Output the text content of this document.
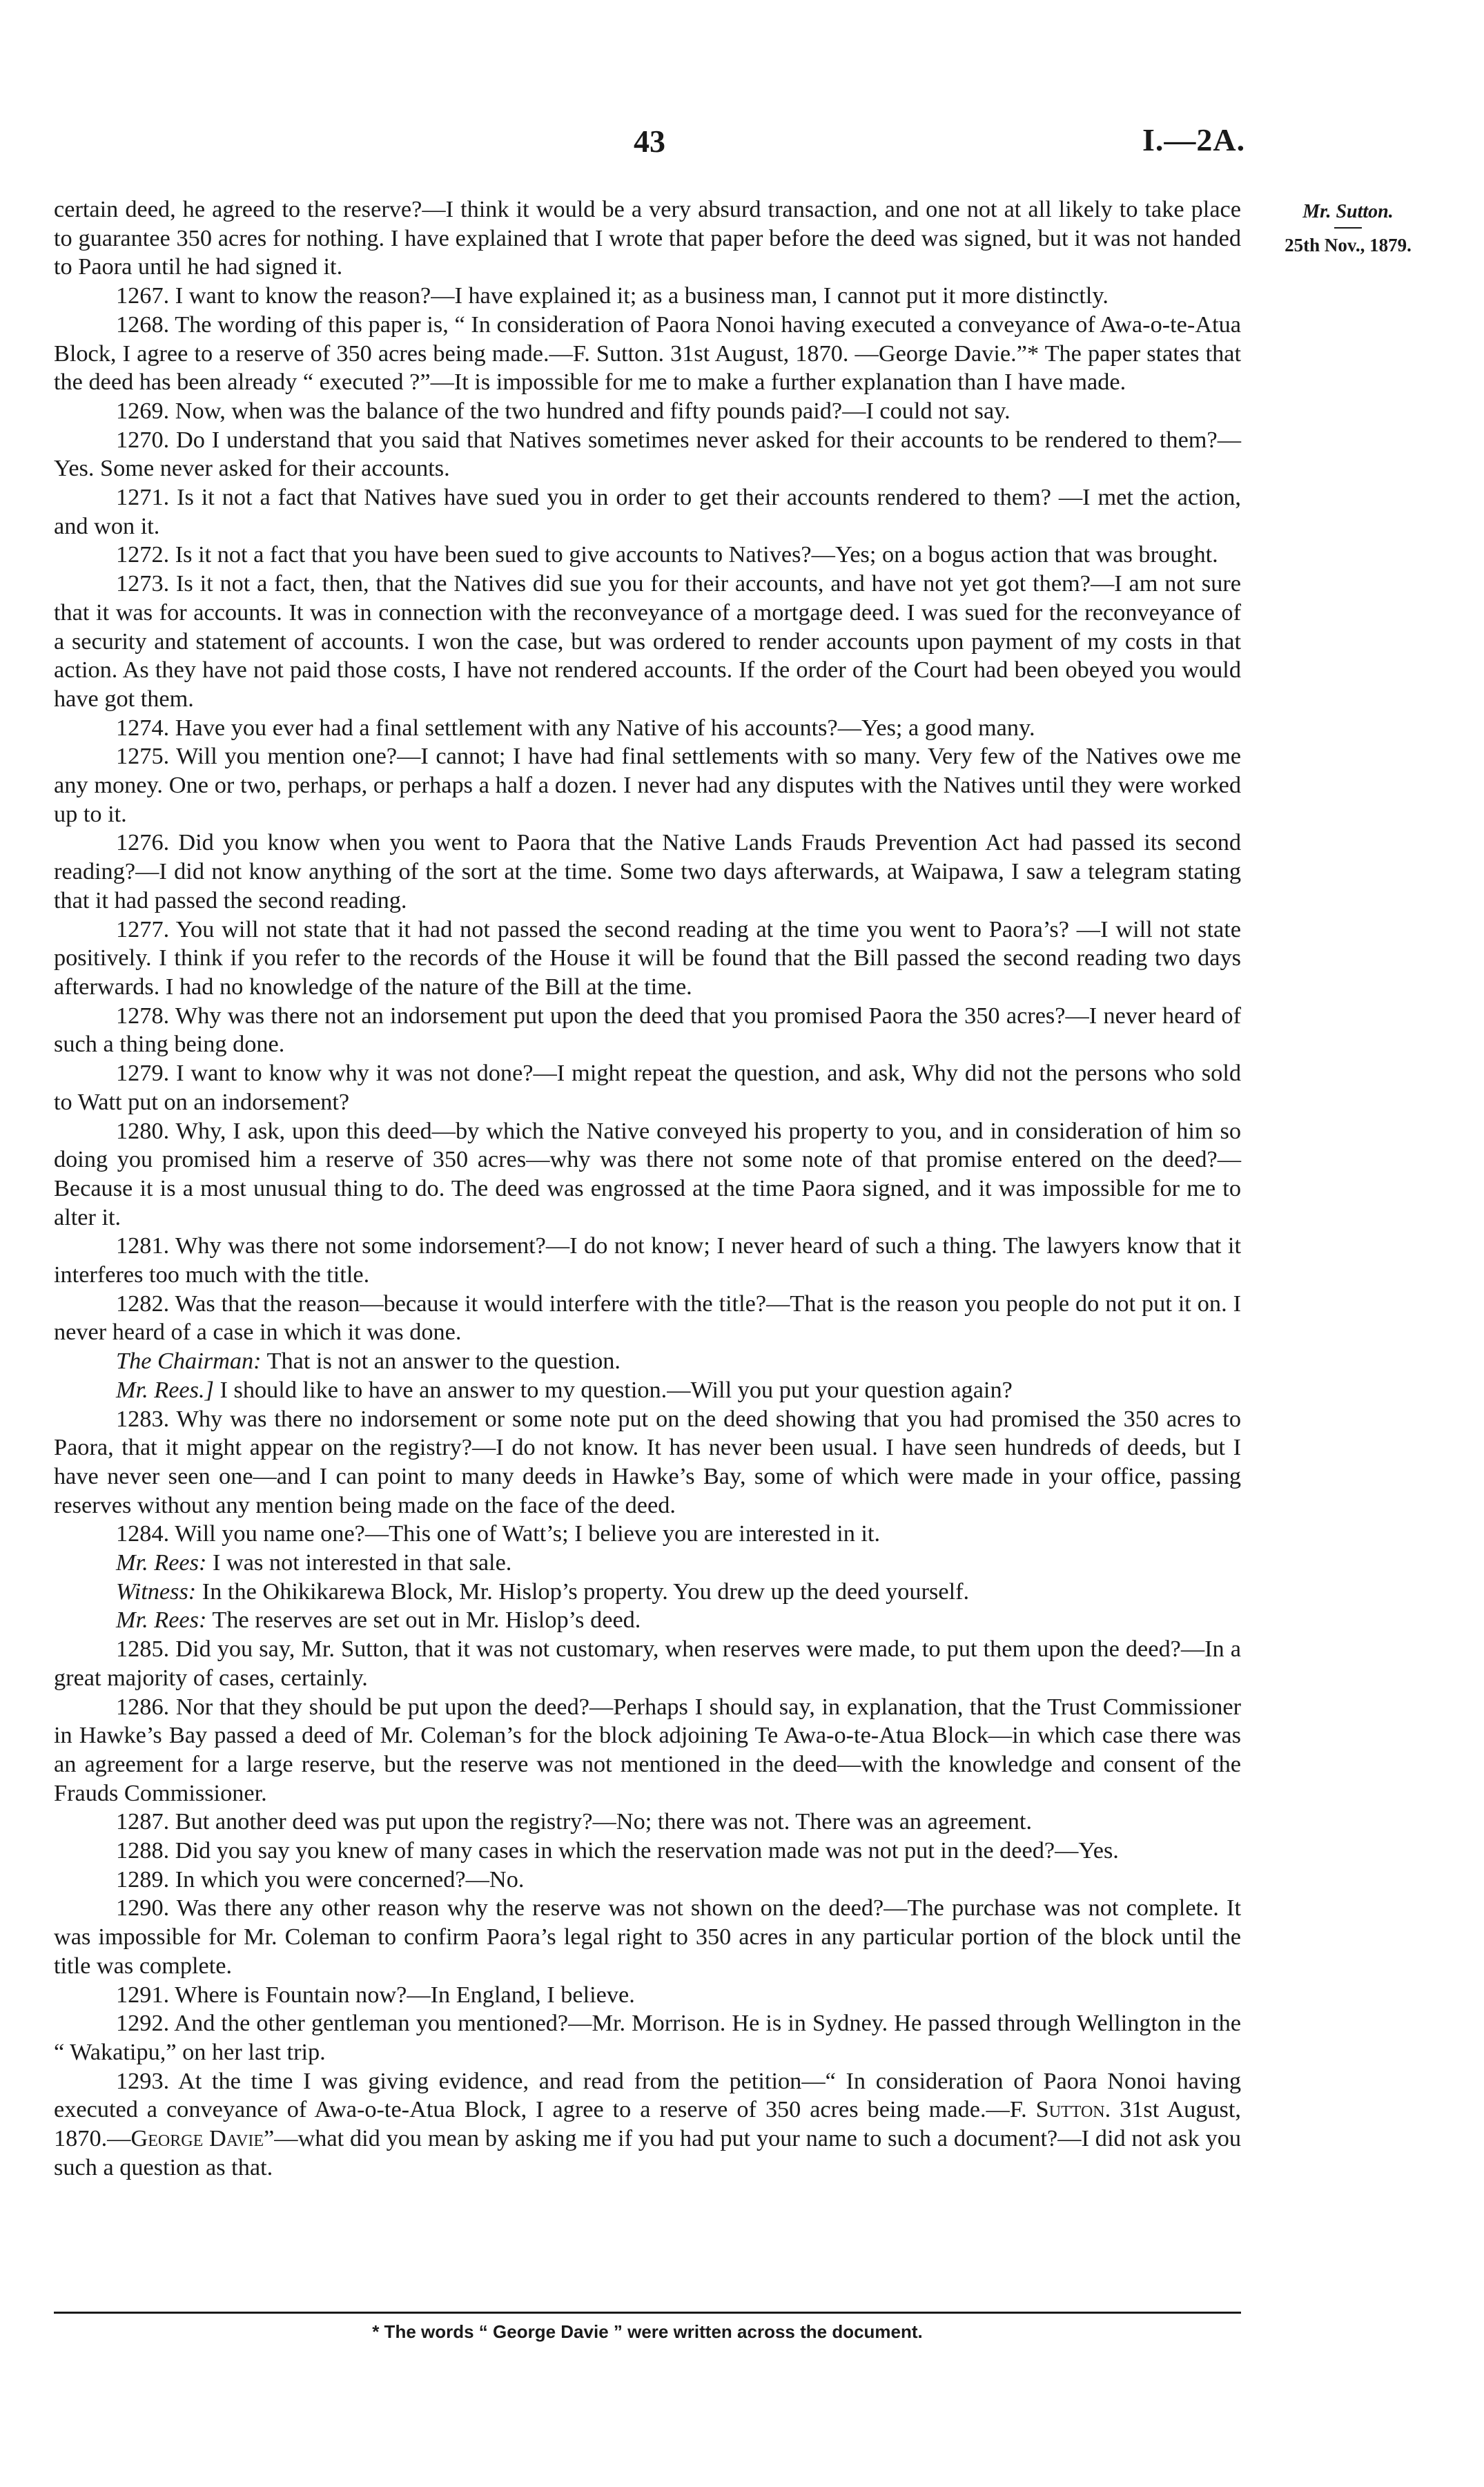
43	I.—2A.
Mr. Sutton.
25th Nov., 1879.

certain deed, he agreed to the reserve?—I think it would be a very absurd transaction, and one not at all likely to take place to guarantee 350 acres for nothing. I have explained that I wrote that paper before the deed was signed, but it was not handed to Paora until he had signed it.

1267. I want to know the reason?—I have explained it; as a business man, I cannot put it more distinctly.

1268. The wording of this paper is, “ In consideration of Paora Nonoi having executed a conveyance of Awa-o-te-Atua Block, I agree to a reserve of 350 acres being made.—F. Sutton. 31st August, 1870. —George Davie.”* The paper states that the deed has been already “ executed ?”—It is impossible for me to make a further explanation than I have made.

1269. Now, when was the balance of the two hundred and fifty pounds paid?—I could not say.

1270. Do I understand that you said that Natives sometimes never asked for their accounts to be rendered to them?—Yes. Some never asked for their accounts.

1271. Is it not a fact that Natives have sued you in order to get their accounts rendered to them? —I met the action, and won it.

1272. Is it not a fact that you have been sued to give accounts to Natives?—Yes; on a bogus action that was brought.

1273. Is it not a fact, then, that the Natives did sue you for their accounts, and have not yet got them?—I am not sure that it was for accounts. It was in connection with the reconveyance of a mortgage deed. I was sued for the reconveyance of a security and statement of accounts. I won the case, but was ordered to render accounts upon payment of my costs in that action. As they have not paid those costs, I have not rendered accounts. If the order of the Court had been obeyed you would have got them.

1274. Have you ever had a final settlement with any Native of his accounts?—Yes; a good many.

1275. Will you mention one?—I cannot; I have had final settlements with so many. Very few of the Natives owe me any money. One or two, perhaps, or perhaps a half a dozen. I never had any disputes with the Natives until they were worked up to it.

1276. Did you know when you went to Paora that the Native Lands Frauds Prevention Act had passed its second reading?—I did not know anything of the sort at the time. Some two days afterwards, at Waipawa, I saw a telegram stating that it had passed the second reading.

1277. You will not state that it had not passed the second reading at the time you went to Paora’s? —I will not state positively. I think if you refer to the records of the House it will be found that the Bill passed the second reading two days afterwards. I had no knowledge of the nature of the Bill at the time.

1278. Why was there not an indorsement put upon the deed that you promised Paora the 350 acres?—I never heard of such a thing being done.

1279. I want to know why it was not done?—I might repeat the question, and ask, Why did not the persons who sold to Watt put on an indorsement?

1280. Why, I ask, upon this deed—by which the Native conveyed his property to you, and in consideration of him so doing you promised him a reserve of 350 acres—why was there not some note of that promise entered on the deed?—Because it is a most unusual thing to do. The deed was engrossed at the time Paora signed, and it was impossible for me to alter it.

1281. Why was there not some indorsement?—I do not know; I never heard of such a thing. The lawyers know that it interferes too much with the title.

1282. Was that the reason—because it would interfere with the title?—That is the reason you people do not put it on. I never heard of a case in which it was done.

The Chairman: That is not an answer to the question.

Mr. Rees.] I should like to have an answer to my question.—Will you put your question again?

1283. Why was there no indorsement or some note put on the deed showing that you had promised the 350 acres to Paora, that it might appear on the registry?—I do not know. It has never been usual. I have seen hundreds of deeds, but I have never seen one—and I can point to many deeds in Hawke’s Bay, some of which were made in your office, passing reserves without any mention being made on the face of the deed.

1284. Will you name one?—This one of Watt’s; I believe you are interested in it.

Mr. Rees: I was not interested in that sale.

Witness: In the Ohikikarewa Block, Mr. Hislop’s property. You drew up the deed yourself.

Mr. Rees: The reserves are set out in Mr. Hislop’s deed.

1285. Did you say, Mr. Sutton, that it was not customary, when reserves were made, to put them upon the deed?—In a great majority of cases, certainly.

1286. Nor that they should be put upon the deed?—Perhaps I should say, in explanation, that the Trust Commissioner in Hawke’s Bay passed a deed of Mr. Coleman’s for the block adjoining Te Awa-o-te-Atua Block—in which case there was an agreement for a large reserve, but the reserve was not mentioned in the deed—with the knowledge and consent of the Frauds Commissioner.

1287. But another deed was put upon the registry?—No; there was not. There was an agreement.

1288. Did you say you knew of many cases in which the reservation made was not put in the deed?—Yes.

1289. In which you were concerned?—No.

1290. Was there any other reason why the reserve was not shown on the deed?—The purchase was not complete. It was impossible for Mr. Coleman to confirm Paora’s legal right to 350 acres in any particular portion of the block until the title was complete.

1291. Where is Fountain now?—In England, I believe.

1292. And the other gentleman you mentioned?—Mr. Morrison. He is in Sydney. He passed through Wellington in the “ Wakatipu,” on her last trip.

1293. At the time I was giving evidence, and read from the petition—“ In consideration of Paora Nonoi having executed a conveyance of Awa-o-te-Atua Block, I agree to a reserve of 350 acres being made.—F. Sutton. 31st August, 1870.—George Davie”—what did you mean by asking me if you had put your name to such a document?—I did not ask you such a question as that.

* The words “ George Davie ” were written across the document.
